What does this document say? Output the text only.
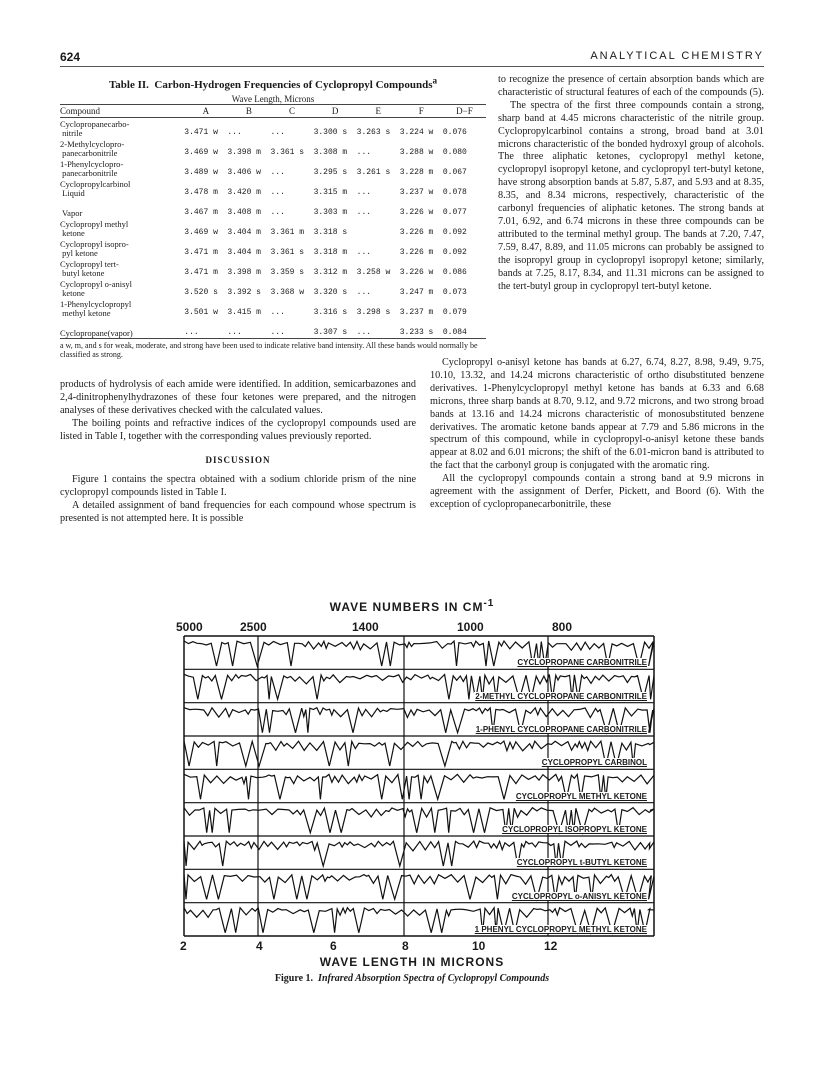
624	ANALYTICAL CHEMISTRY
Table II. Carbon-Hydrogen Frequencies of Cyclopropyl Compounds$^a$
Wave Length, Microns
Compound	A	B	C	D	E	F	D−F
Cyclopropanecarbo-
nitrile	3.471 w	...	...	3.300 s	3.263 s	3.224 w	0.076
2-Methylcyclopro-
panecarbonitrile	3.469 w	3.398 m	3.361 s	3.308 m	...	3.288 w	0.080
1-Phenylcyclopro-
panecarbonitrile	3.489 w	3.406 w	...	3.295 s	3.261 s	3.228 m	0.067
Cyclopropylcarbinol
Liquid	3.478 m	3.420 m	...	3.315 m	...	3.237 w	0.078
Vapor	3.467 m	3.408 m	...	3.303 m	...	3.226 w	0.077
Cyclopropyl methyl
ketone	3.469 w	3.404 m	3.361 m	3.318 s		3.226 m	0.092
Cyclopropyl isopro-
pyl ketone	3.471 m	3.404 m	3.361 s	3.318 m	...	3.226 m	0.092
Cyclopropyl tert-
butyl ketone	3.471 m	3.398 m	3.359 s	3.312 m	3.258 w	3.226 w	0.086
Cyclopropyl o-anisyl
ketone	3.520 s	3.392 s	3.368 w	3.320 s	...	3.247 m	0.073
1-Phenylcyclopropyl
methyl ketone	3.501 w	3.415 m	...	3.316 s	3.298 s	3.237 m	0.079
Cyclopropane(vapor)	...	...	...	3.307 s	...	3.233 s	0.084
a w, m, and s for weak, moderate, and strong have been used to indicate relative band intensity. All these bands would normally be classified as strong.

to recognize the presence of certain absorption bands which are characteristic of structural features of each of the compounds (5).

The spectra of the first three compounds contain a strong, sharp band at 4.45 microns characteristic of the nitrile group. Cyclopropylcarbinol contains a strong, broad band at 3.01 microns characteristic of the bonded hydroxyl group of alcohols. The three aliphatic ketones, cyclopropyl methyl ketone, cyclopropyl isopropyl ketone, and cyclopropyl tert-butyl ketone, have strong absorption bands at 5.87, 5.87, and 5.93 and at 8.35, 8.35, and 8.34 microns, respectively, characteristic of the carbonyl frequencies of aliphatic ketones. The strong bands at 7.01, 6.92, and 6.74 microns in these three compounds can be attributed to the terminal methyl group. The bands at 7.20, 7.47, 7.59, 8.47, 8.89, and 11.05 microns can probably be assigned to the isopropyl group in cyclopropyl isopropyl ketone; similarly, bands at 7.25, 8.17, 8.34, and 11.31 microns can be assigned to the tert-butyl group in cyclopropyl tert-butyl ketone.

Cyclopropyl o-anisyl ketone has bands at 6.27, 6.74, 8.27, 8.98, 9.49, 9.75, 10.10, 13.32, and 14.24 microns characteristic of ortho disubstituted benzene derivatives. 1-Phenylcyclopropyl methyl ketone has bands at 6.33 and 6.68 microns, three sharp bands at 8.70, 9.12, and 9.72 microns, and two strong broad bands at 13.16 and 14.24 microns characteristic of monosubstituted benzene derivatives. The aromatic ketone bands appear at 7.79 and 5.86 microns in the spectrum of this compound, while in cyclopropyl-o-anisyl ketone these bands appear at 8.02 and 6.01 microns; the shift of the 6.01-micron band is attributed to the fact that the carbonyl group is conjugated with the aromatic ring.

All the cyclopropyl compounds contain a strong band at 9.9 microns in agreement with the assignment of Derfer, Pickett, and Boord (6). With the exception of cyclopropanecarbonitrile, these

products of hydrolysis of each amide were identified. In addition, semicarbazones and 2,4-dinitrophenylhydrazones of these four ketones were prepared, and the nitrogen analyses of these derivatives checked with the calculated values.

The boiling points and refractive indices of the cyclopropyl compounds used are listed in Table I, together with the corresponding values previously reported.

DISCUSSION

Figure 1 contains the spectra obtained with a sodium chloride prism of the nine cyclopropyl compounds listed in Table I.

A detailed assignment of band frequencies for each compound whose spectrum is presented is not attempted here. It is possible

WAVE NUMBERS IN $CM^{-1}$
5000	2500	1400	1000	800
CYCLOPROPANE CARBONITRILE
2-METHYL CYCLOPROPANE CARBONITRILE
1-PHENYL CYCLOPROPANE CARBONITRILE
CYCLOPROPYL CARBINOL
CYCLOPROPYL METHYL KETONE
CYCLOPROPYL ISOPROPYL KETONE
CYCLOPROPYL t-BUTYL KETONE
CYCLOPROPYL o-ANISYL KETONE
1 PHENYL CYCLOPROPYL METHYL KETONE
2	4	6	8	10	12
WAVE LENGTH IN MICRONS
Figure 1. Infrared Absorption Spectra of Cyclopropyl Compounds
